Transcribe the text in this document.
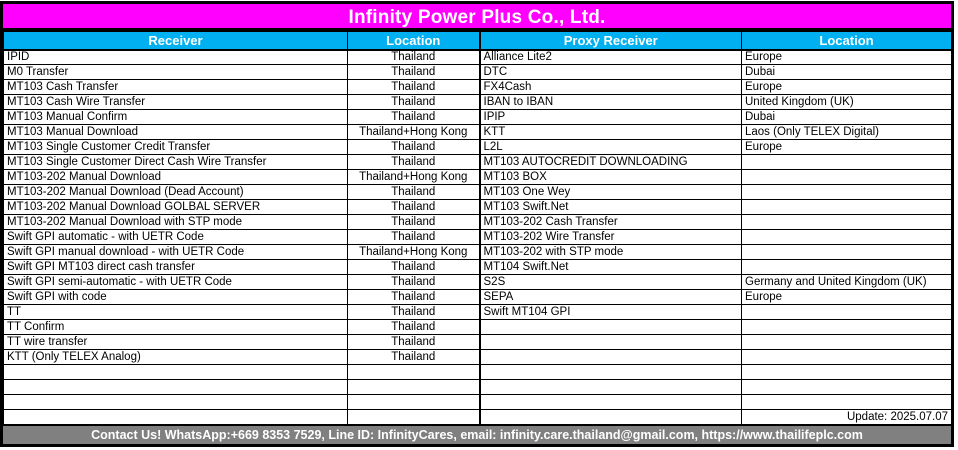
Infinity Power Plus Co., Ltd.
Receiver	Location	Proxy Receiver	Location
IPID	Thailand	Alliance Lite2	Europe
M0 Transfer	Thailand	DTC	Dubai
MT103 Cash Transfer	Thailand	FX4Cash	Europe
MT103 Cash Wire Transfer	Thailand	IBAN to IBAN	United Kingdom (UK)
MT103 Manual Confirm	Thailand	IPIP	Dubai
MT103 Manual Download	Thailand+Hong Kong	KTT	Laos (Only TELEX Digital)
MT103 Single Customer Credit Transfer	Thailand	L2L	Europe
MT103 Single Customer Direct Cash Wire Transfer	Thailand	MT103 AUTOCREDIT DOWNLOADING	
MT103-202 Manual Download	Thailand+Hong Kong	MT103 BOX	
MT103-202 Manual Download (Dead Account)	Thailand	MT103 One Wey	
MT103-202 Manual Download GOLBAL SERVER	Thailand	MT103 Swift.Net	
MT103-202 Manual Download with STP mode	Thailand	MT103-202 Cash Transfer	
Swift GPI automatic - with UETR Code	Thailand	MT103-202 Wire Transfer	
Swift GPI manual download - with UETR Code	Thailand+Hong Kong	MT103-202 with STP mode	
Swift GPI MT103 direct cash transfer	Thailand	MT104 Swift.Net	
Swift GPI semi-automatic - with UETR Code	Thailand	S2S	Germany and United Kingdom (UK)
Swift GPI with code	Thailand	SEPA	Europe
TT	Thailand	Swift MT104 GPI	
TT Confirm	Thailand		
TT wire transfer	Thailand		
KTT (Only TELEX Analog)	Thailand		

			Update: 2025.07.07
Contact Us! WhatsApp:+669 8353 7529, Line ID: InfinityCares, email: infinity.care.thailand@gmail.com, https://www.thailifeplc.com
